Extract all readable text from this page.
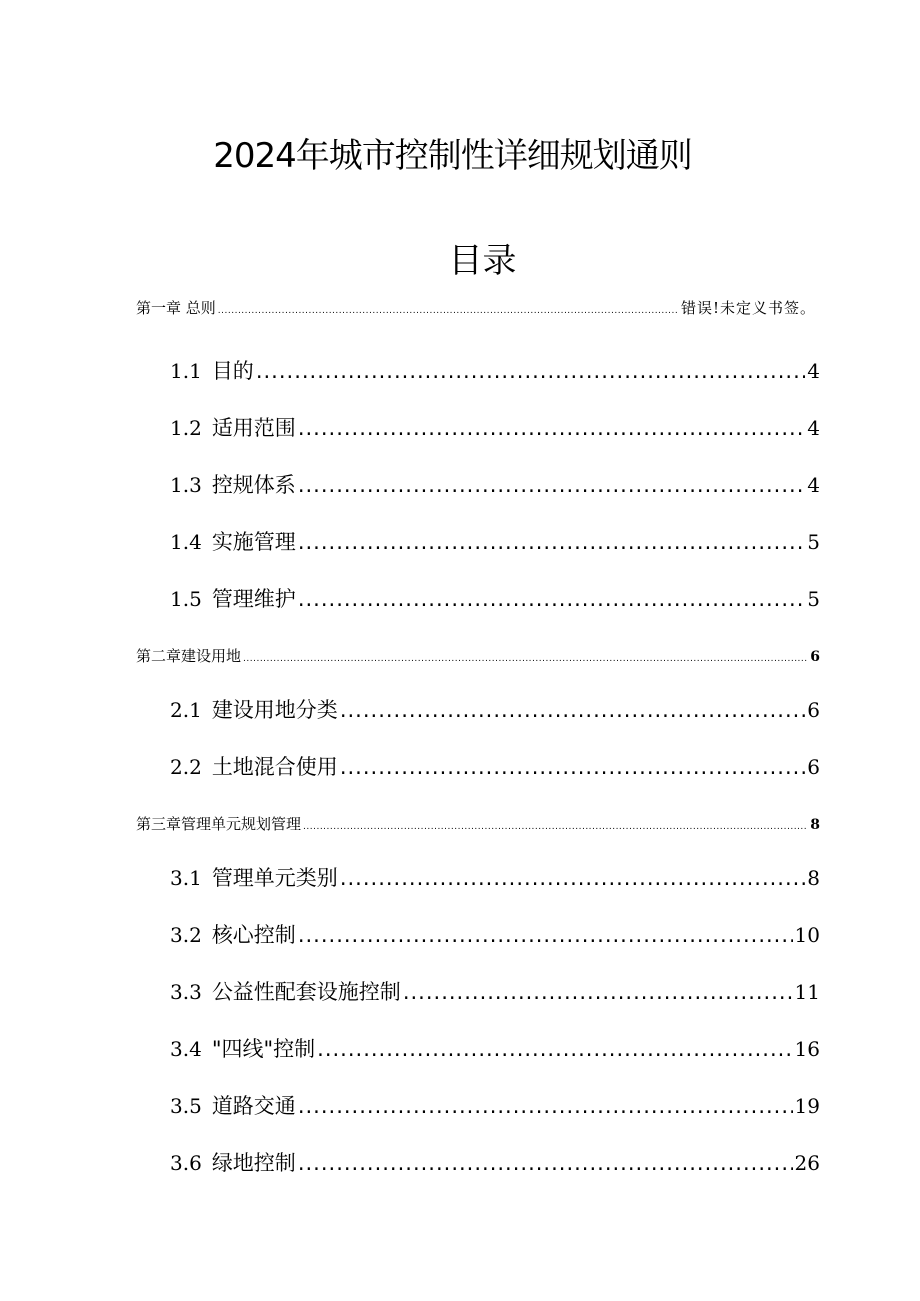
2024年城市控制性详细规划通则
目录
第一章 总则 .....	错误!未定义书签。
1.1 目的 .....	4
1.2 适用范围 .....	4
1.3 控规体系 .....	4
1.4 实施管理 .....	5
1.5 管理维护 .....	5
第二章建设用地 .....	6
2.1 建设用地分类 .....	6
2.2 土地混合使用 .....	6
第三章管理单元规划管理 .....	8
3.1 管理单元类别 .....	8
3.2 核心控制 .....	10
3.3 公益性配套设施控制 .....	11
3.4 "四线"控制 .....	16
3.5 道路交通 .....	19
3.6 绿地控制 .....	26
